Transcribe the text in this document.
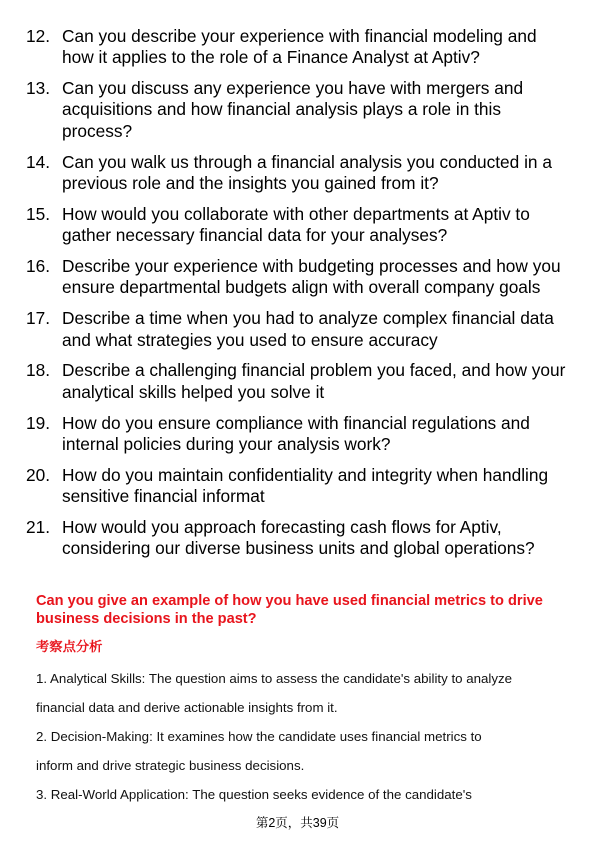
12. Can you describe your experience with financial modeling and how it applies to the role of a Finance Analyst at Aptiv?
13. Can you discuss any experience you have with mergers and acquisitions and how financial analysis plays a role in this process?
14. Can you walk us through a financial analysis you conducted in a previous role and the insights you gained from it?
15. How would you collaborate with other departments at Aptiv to gather necessary financial data for your analyses?
16. Describe your experience with budgeting processes and how you ensure departmental budgets align with overall company goals
17. Describe a time when you had to analyze complex financial data and what strategies you used to ensure accuracy
18. Describe a challenging financial problem you faced, and how your analytical skills helped you solve it
19. How do you ensure compliance with financial regulations and internal policies during your analysis work?
20. How do you maintain confidentiality and integrity when handling sensitive financial informat
21. How would you approach forecasting cash flows for Aptiv, considering our diverse business units and global operations?
Can you give an example of how you have used financial metrics to drive business decisions in the past?
考察点分析

1. Analytical Skills: The question aims to assess the candidate's ability to analyze

financial data and derive actionable insights from it.

2. Decision-Making: It examines how the candidate uses financial metrics to

inform and drive strategic business decisions.

3. Real-World Application: The question seeks evidence of the candidate's

第2页，共39页
